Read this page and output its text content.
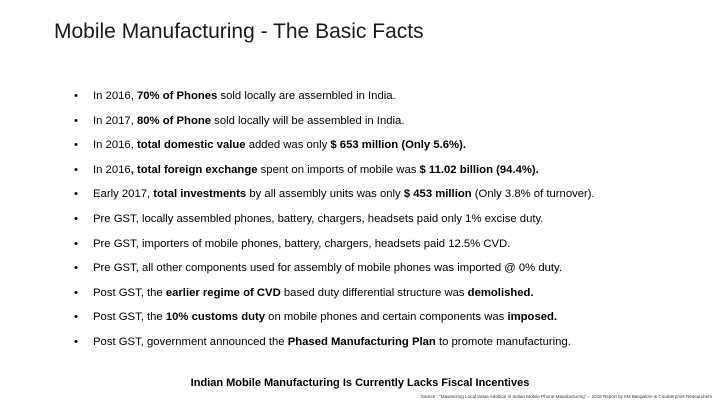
Mobile Manufacturing - The Basic Facts
• In 2016, 70% of Phones sold locally are assembled in India.
• In 2017, 80% of Phone sold locally will be assembled in India.
• In 2016, total domestic value added was only $ 653 million (Only 5.6%).
• In 2016, total foreign exchange spent on imports of mobile was $ 11.02 billion (94.4%).
• Early 2017, total investments by all assembly units was only $ 453 million (Only 3.8% of turnover).
• Pre GST, locally assembled phones, battery, chargers, headsets paid only 1% excise duty.
• Pre GST, importers of mobile phones, battery, chargers, headsets paid 12.5% CVD.
• Pre GST, all other components used for assembly of mobile phones was imported @ 0% duty.
• Post GST, the earlier regime of CVD based duty differential structure was demolished.
• Post GST, the 10% customs duty on mobile phones and certain components was imposed.
• Post GST, government announced the Phased Manufacturing Plan to promote manufacturing.
Indian Mobile Manufacturing Is Currently Lacks Fiscal Incentives
Source : "Maximizing Local Value Addition in Indian Mobile Phone Manufacturing" – 2016 Report by IIM Bangalore & Counterpoint Researchers
